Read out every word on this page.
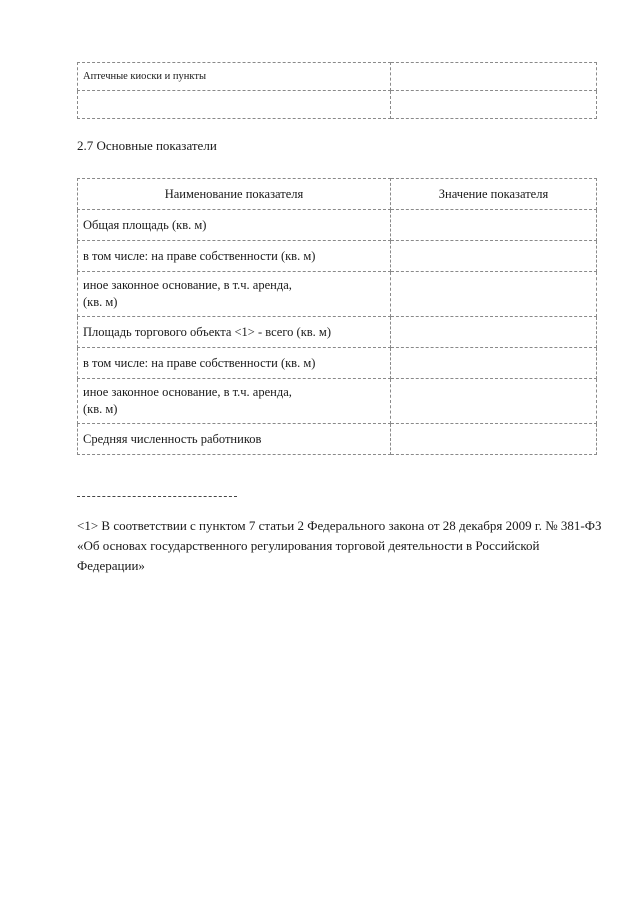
Аптечные киоски и пункты	

2.7 Основные показатели
Наименование показателя	Значение показателя
Общая площадь (кв. м)	
в том числе: на праве собственности (кв. м)	
иное законное основание, в т.ч. аренда,
(кв. м)	
Площадь торгового объекта <1> - всего (кв. м)	
в том числе: на праве собственности (кв. м)	
иное законное основание, в т.ч. аренда,
(кв. м)	
Средняя численность работников	

<1> В соответствии с пунктом 7 статьи 2 Федерального закона от 28 декабря 2009 г. № 381-ФЗ «Об основах государственного регулирования торговой деятельности в Российской Федерации»
